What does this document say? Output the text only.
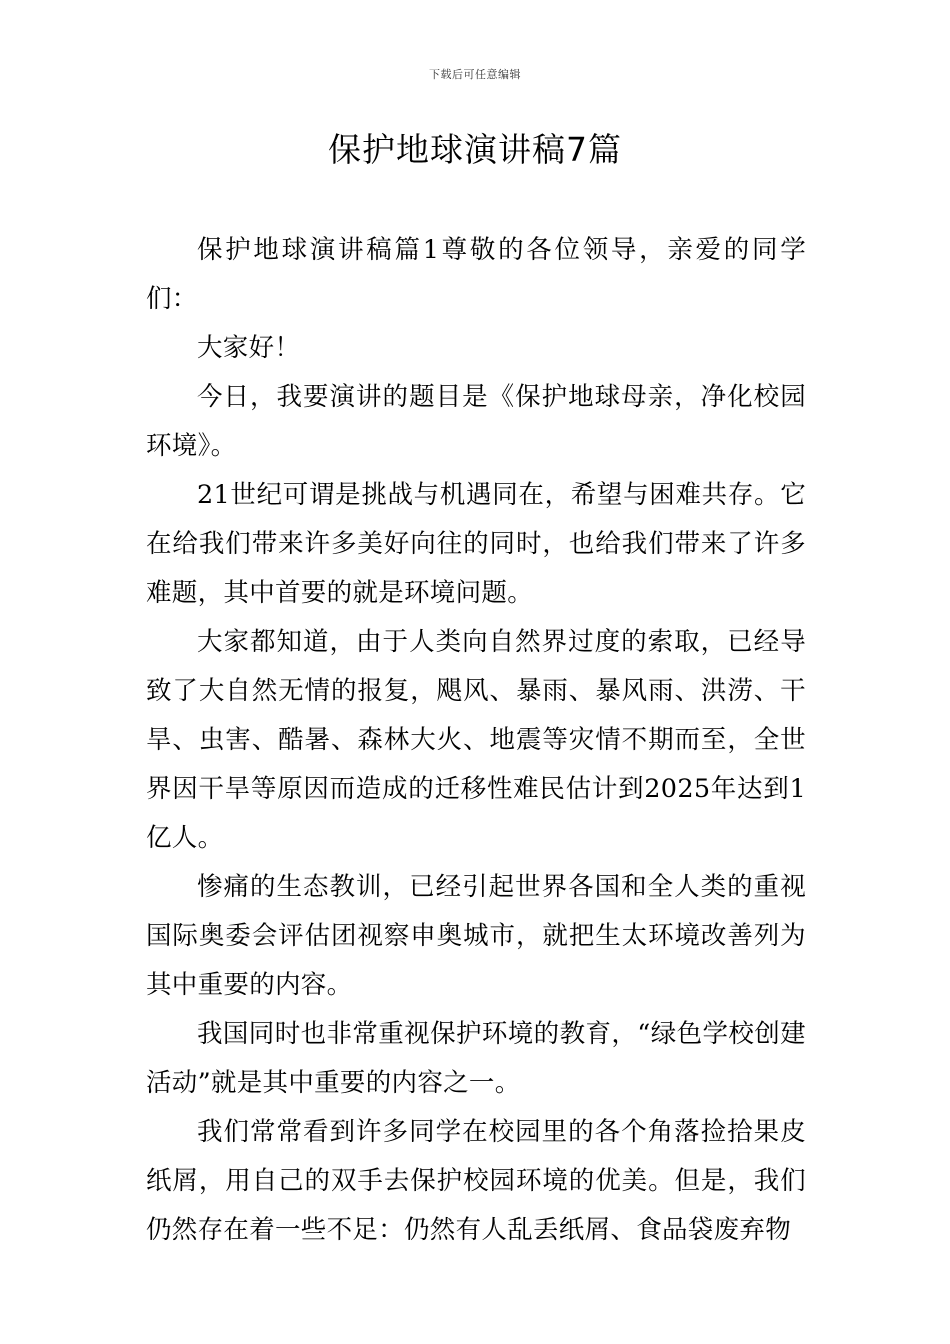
下载后可任意编辑
保护地球演讲稿7篇

保护地球演讲稿篇1尊敬的各位领导，亲爱的同学们：

大家好！

今日，我要演讲的题目是《保护地球母亲，净化校园环境》。

21世纪可谓是挑战与机遇同在，希望与困难共存。它在给我们带来许多美好向往的同时，也给我们带来了许多难题，其中首要的就是环境问题。

大家都知道，由于人类向自然界过度的索取，已经导致了大自然无情的报复，飓风、暴雨、暴风雨、洪涝、干旱、虫害、酷暑、森林大火、地震等灾情不期而至，全世界因干旱等原因而造成的迁移性难民估计到2025年达到1亿人。

惨痛的生态教训，已经引起世界各国和全人类的重视国际奥委会评估团视察申奥城市，就把生太环境改善列为其中重要的内容。

我国同时也非常重视保护环境的教育，“绿色学校创建活动”就是其中重要的内容之一。

我们常常看到许多同学在校园里的各个角落捡拾果皮纸屑，用自己的双手去保护校园环境的优美。但是，我们仍然存在着一些不足：仍然有人乱丢纸屑、食品袋废弃物
